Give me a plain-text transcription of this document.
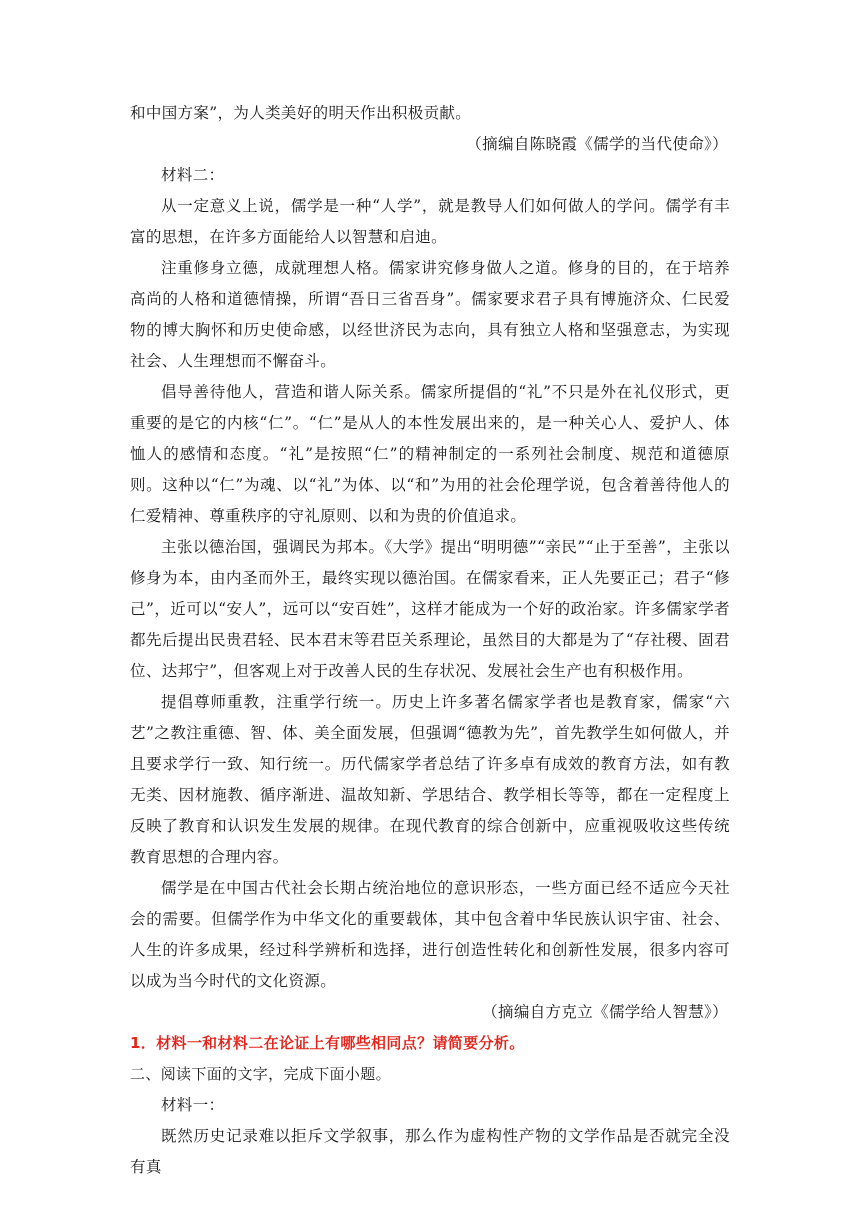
和中国方案”，为人类美好的明天作出积极贡献。

（摘编自陈晓霞《儒学的当代使命》）

材料二：

从一定意义上说，儒学是一种“人学”，就是教导人们如何做人的学问。儒学有丰富的思想，在许多方面能给人以智慧和启迪。

注重修身立德，成就理想人格。儒家讲究修身做人之道。修身的目的，在于培养高尚的人格和道德情操，所谓“吾日三省吾身”。儒家要求君子具有博施济众、仁民爱物的博大胸怀和历史使命感，以经世济民为志向，具有独立人格和坚强意志，为实现社会、人生理想而不懈奋斗。

倡导善待他人，营造和谐人际关系。儒家所提倡的“礼”不只是外在礼仪形式，更重要的是它的内核“仁”。“仁”是从人的本性发展出来的，是一种关心人、爱护人、体恤人的感情和态度。“礼”是按照“仁”的精神制定的一系列社会制度、规范和道德原则。这种以“仁”为魂、以“礼”为体、以“和”为用的社会伦理学说，包含着善待他人的仁爱精神、尊重秩序的守礼原则、以和为贵的价值追求。

主张以德治国，强调民为邦本。《大学》提出“明明德”“亲民”“止于至善”，主张以修身为本，由内圣而外王，最终实现以德治国。在儒家看来，正人先要正己；君子“修己”，近可以“安人”，远可以“安百姓”，这样才能成为一个好的政治家。许多儒家学者都先后提出民贵君轻、民本君末等君臣关系理论，虽然目的大都是为了“存社稷、固君位、达邦宁”，但客观上对于改善人民的生存状况、发展社会生产也有积极作用。

提倡尊师重教，注重学行统一。历史上许多著名儒家学者也是教育家，儒家“六艺”之教注重德、智、体、美全面发展，但强调“德教为先”，首先教学生如何做人，并且要求学行一致、知行统一。历代儒家学者总结了许多卓有成效的教育方法，如有教无类、因材施教、循序渐进、温故知新、学思结合、教学相长等等，都在一定程度上反映了教育和认识发生发展的规律。在现代教育的综合创新中，应重视吸收这些传统教育思想的合理内容。

儒学是在中国古代社会长期占统治地位的意识形态，一些方面已经不适应今天社会的需要。但儒学作为中华文化的重要载体，其中包含着中华民族认识宇宙、社会、人生的许多成果，经过科学辨析和选择，进行创造性转化和创新性发展，很多内容可以成为当今时代的文化资源。

（摘编自方克立《儒学给人智慧》）

1．材料一和材料二在论证上有哪些相同点？请简要分析。

二、阅读下面的文字，完成下面小题。

材料一：

既然历史记录难以拒斥文学叙事，那么作为虚构性产物的文学作品是否就完全没有真
